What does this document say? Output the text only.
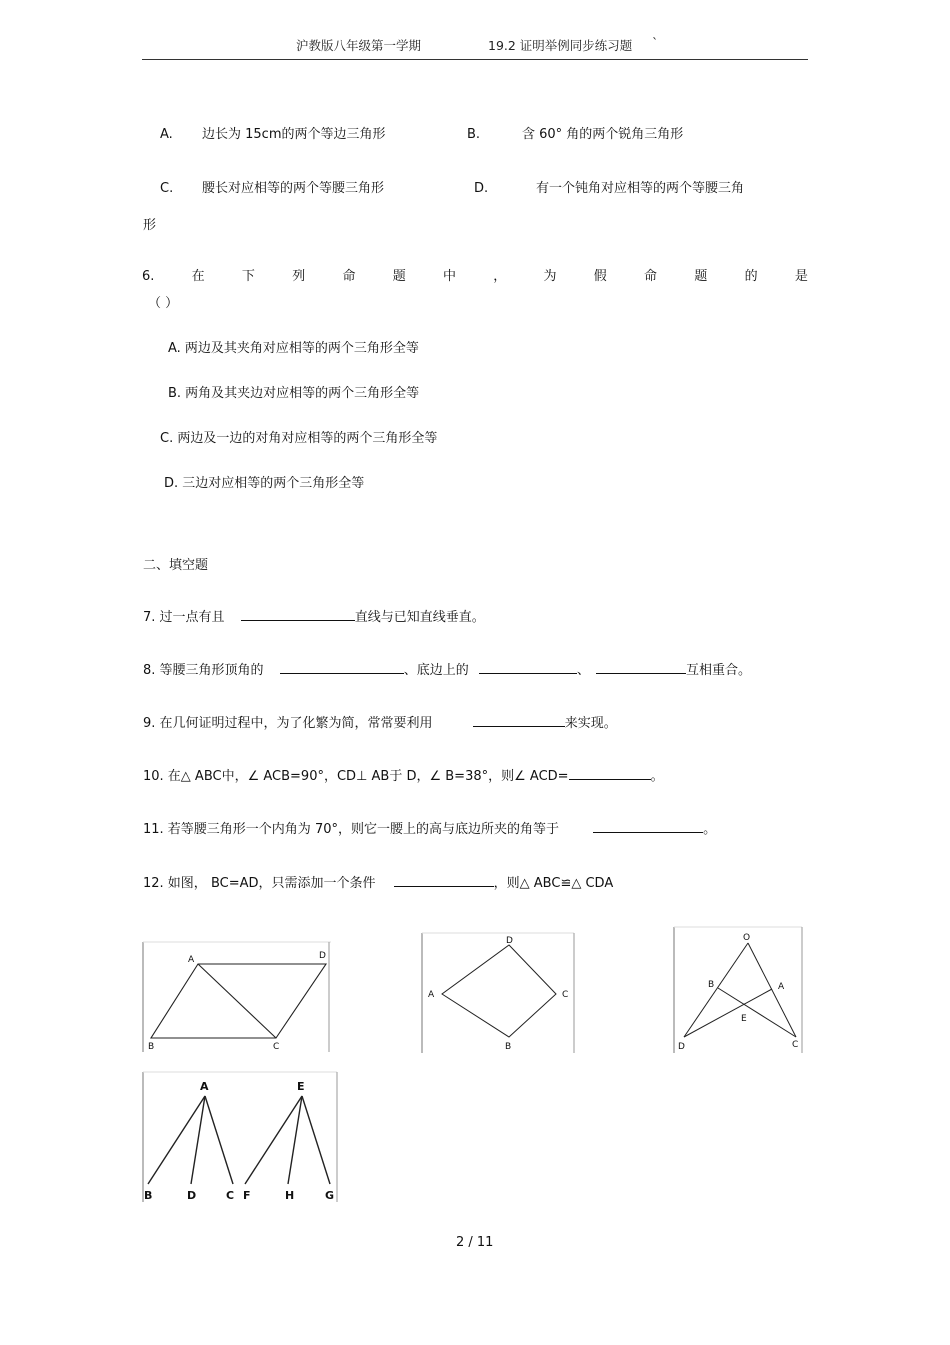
沪教版八年级第一学期	19.2 证明举例同步练习题 `
A. 边长为 15cm的两个等边三角形	B.	含 60° 角的两个锐角三角形
C. 腰长对应相等的两个等腰三角形	D.	有一个钝角对应相等的两个等腰三角
形
6.	在	下	列	命	题	中	，	为	假	命	题	的	是
（ ）
A. 两边及其夹角对应相等的两个三角形全等
B. 两角及其夹边对应相等的两个三角形全等
C. 两边及一边的对角对应相等的两个三角形全等
D. 三边对应相等的两个三角形全等
二、填空题
7. 过一点有且	直线与已知直线垂直。
8. 等腰三角形顶角的	、底边上的	、	互相重合。
9. 在几何证明过程中，为了化繁为简，常常要利用	来实现。
10. 在△ ABC中，∠ ACB=90°，CD⊥ AB于 D，∠ B=38°，则∠ ACD=	。
11. 若等腰三角形一个内角为 70°，则它一腰上的高与底边所夹的角等于	。
12. 如图， BC=AD，只需添加一个条件	，则△ ABC≌△ CDA
A	D
B	C
D
C
B
A
O
B	A
E
D	C
A	E
B	D	C F	H	G
2 / 11
